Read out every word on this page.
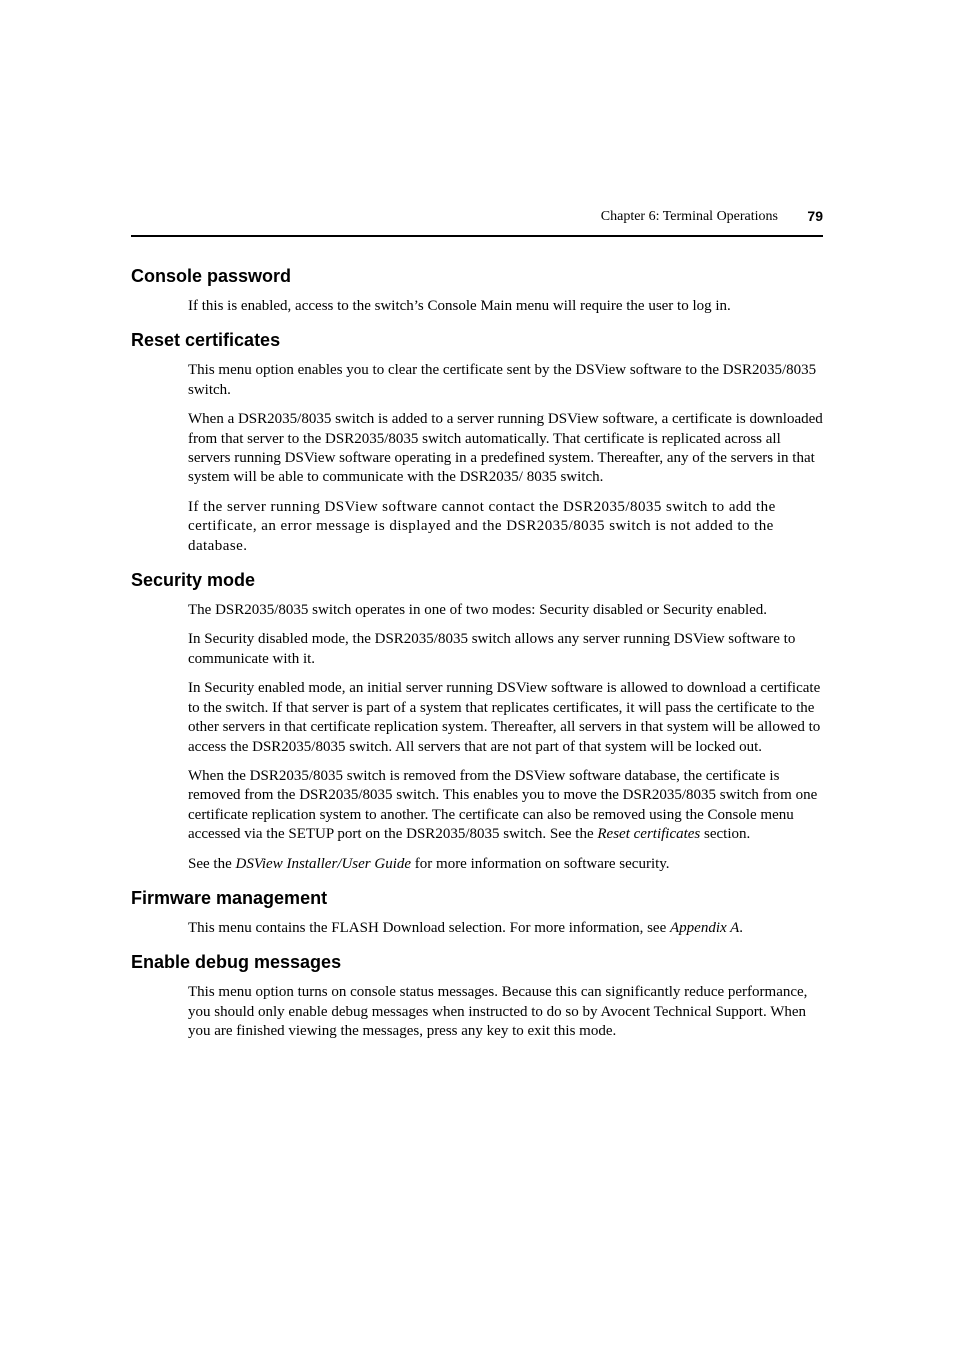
Chapter 6: Terminal Operations 79
Console password

If this is enabled, access to the switch’s Console Main menu will require the user to log in.

Reset certificates

This menu option enables you to clear the certificate sent by the DSView software to the DSR2035/8035 switch.

When a DSR2035/8035 switch is added to a server running DSView software, a certificate is downloaded from that server to the DSR2035/8035 switch automatically. That certificate is replicated across all servers running DSView software operating in a predefined system. Thereafter, any of the servers in that system will be able to communicate with the DSR2035/ 8035 switch.

If the server running DSView software cannot contact the DSR2035/8035 switch to add the certificate, an error message is displayed and the DSR2035/8035 switch is not added to the database.

Security mode

The DSR2035/8035 switch operates in one of two modes: Security disabled or Security enabled.

In Security disabled mode, the DSR2035/8035 switch allows any server running DSView software to communicate with it.

In Security enabled mode, an initial server running DSView software is allowed to download a certificate to the switch. If that server is part of a system that replicates certificates, it will pass the certificate to the other servers in that certificate replication system. Thereafter, all servers in that system will be allowed to access the DSR2035/8035 switch. All servers that are not part of that system will be locked out.

When the DSR2035/8035 switch is removed from the DSView software database, the certificate is removed from the DSR2035/8035 switch. This enables you to move the DSR2035/8035 switch from one certificate replication system to another. The certificate can also be removed using the Console menu accessed via the SETUP port on the DSR2035/8035 switch. See the Reset certificates section.

See the DSView Installer/User Guide for more information on software security.

Firmware management

This menu contains the FLASH Download selection. For more information, see Appendix A.

Enable debug messages

This menu option turns on console status messages. Because this can significantly reduce performance, you should only enable debug messages when instructed to do so by Avocent Technical Support. When you are finished viewing the messages, press any key to exit this mode.
